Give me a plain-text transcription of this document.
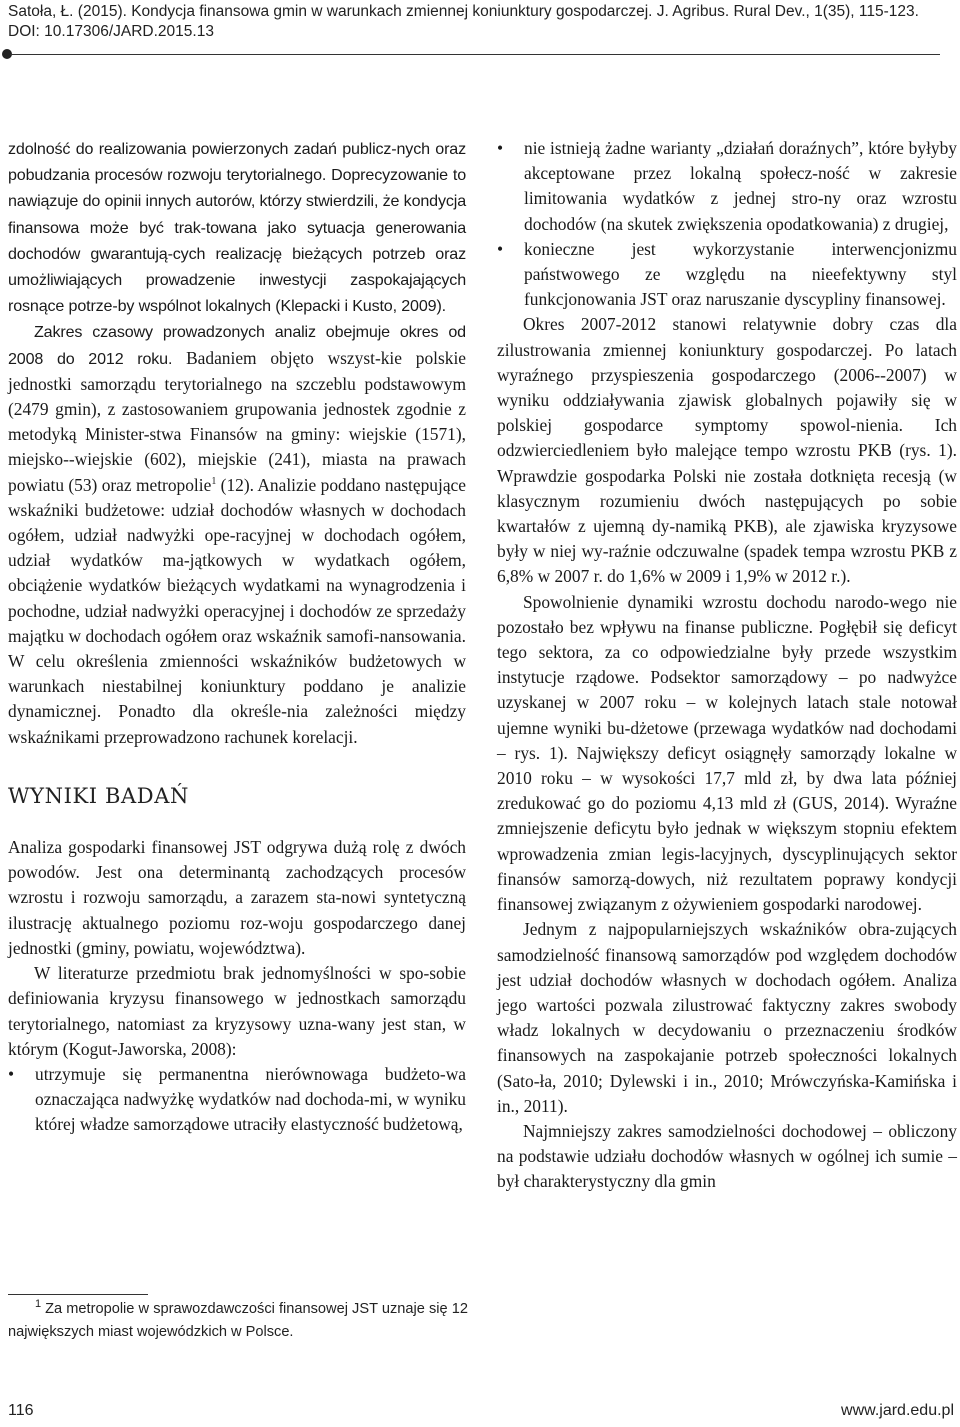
Satoła, Ł. (2015). Kondycja finansowa gmin w warunkach zmiennej koniunktury gospodarczej. J. Agribus. Rural Dev., 1(35), 115-123.
DOI: 10.17306/JARD.2015.13

zdolność do realizowania powierzonych zadań publicz-nych oraz pobudzania procesów rozwoju terytorialnego. Doprecyzowanie to nawiązuje do opinii innych autorów, którzy stwierdzili, że kondycja finansowa może być trak-towana jako sytuacja generowania dochodów gwarantują-cych realizację bieżących potrzeb oraz umożliwiających prowadzenie inwestycji zaspokajających rosnące potrze-by wspólnot lokalnych (Klepacki i Kusto, 2009).

Zakres czasowy prowadzonych analiz obejmuje okres od 2008 do 2012 roku. Badaniem objęto wszyst-kie polskie jednostki samorządu terytorialnego na szczeblu podstawowym (2479 gmin), z zastosowaniem grupowania jednostek zgodnie z metodyką Minister-stwa Finansów na gminy: wiejskie (1571), miejsko--wiejskie (602), miejskie (241), miasta na prawach powiatu (53) oraz metropolie$^1$ (12). Analizie poddano następujące wskaźniki budżetowe: udział dochodów własnych w dochodach ogółem, udział nadwyżki ope-racyjnej w dochodach ogółem, udział wydatków ma-jątkowych w wydatkach ogółem, obciążenie wydatków bieżących wydatkami na wynagrodzenia i pochodne, udział nadwyżki operacyjnej i dochodów ze sprzedaży majątku w dochodach ogółem oraz wskaźnik samofi-nansowania. W celu określenia zmienności wskaźników budżetowych w warunkach niestabilnej koniunktury poddano je analizie dynamicznej. Ponadto dla określe-nia zależności między wskaźnikami przeprowadzono rachunek korelacji.

WYNIKI BADAŃ

Analiza gospodarki finansowej JST odgrywa dużą rolę z dwóch powodów. Jest ona determinantą zachodzących procesów wzrostu i rozwoju samorządu, a zarazem sta-nowi syntetyczną ilustrację aktualnego poziomu roz-woju gospodarczego danej jednostki (gminy, powiatu, województwa).

W literaturze przedmiotu brak jednomyślności w spo-sobie definiowania kryzysu finansowego w jednostkach samorządu terytorialnego, natomiast za kryzysowy uzna-wany jest stan, w którym (Kogut-Jaworska, 2008):

• utrzymuje się permanentna nierównowaga budżeto-wa oznaczająca nadwyżkę wydatków nad dochoda-mi, w wyniku której władze samorządowe utraciły elastyczność budżetową,
$^1$ Za metropolie w sprawozdawczości finansowej JST uznaje się 12 największych miast wojewódzkich w Polsce.
• nie istnieją żadne warianty „działań doraźnych”, które byłyby akceptowane przez lokalną społecz-ność w zakresie limitowania wydatków z jednej stro-ny oraz wzrostu dochodów (na skutek zwiększenia opodatkowania) z drugiej,
• konieczne jest wykorzystanie interwencjonizmu państwowego ze względu na nieefektywny styl funkcjonowania JST oraz naruszanie dyscypliny finansowej.

Okres 2007-2012 stanowi relatywnie dobry czas dla zilustrowania zmiennej koniunktury gospodarczej. Po latach wyraźnego przyspieszenia gospodarczego (2006--2007) w wyniku oddziaływania zjawisk globalnych pojawiły się w polskiej gospodarce symptomy spowol-nienia. Ich odzwierciedleniem było malejące tempo wzrostu PKB (rys. 1). Wprawdzie gospodarka Polski nie została dotknięta recesją (w klasycznym rozumieniu dwóch następujących po sobie kwartałów z ujemną dy-namiką PKB), ale zjawiska kryzysowe były w niej wy-raźnie odczuwalne (spadek tempa wzrostu PKB z 6,8% w 2007 r. do 1,6% w 2009 i 1,9% w 2012 r.).

Spowolnienie dynamiki wzrostu dochodu narodo-wego nie pozostało bez wpływu na finanse publiczne. Pogłębił się deficyt tego sektora, za co odpowiedzialne były przede wszystkim instytucje rządowe. Podsektor samorządowy – po nadwyżce uzyskanej w 2007 roku – w kolejnych latach stale notował ujemne wyniki bu-dżetowe (przewaga wydatków nad dochodami – rys. 1). Największy deficyt osiągnęły samorządy lokalne w 2010 roku – w wysokości 17,7 mld zł, by dwa lata później zredukować go do poziomu 4,13 mld zł (GUS, 2014). Wyraźne zmniejszenie deficytu było jednak w większym stopniu efektem wprowadzenia zmian legis-lacyjnych, dyscyplinujących sektor finansów samorzą-dowych, niż rezultatem poprawy kondycji finansowej związanym z ożywieniem gospodarki narodowej.

Jednym z najpopularniejszych wskaźników obra-zujących samodzielność finansową samorządów pod względem dochodów jest udział dochodów własnych w dochodach ogółem. Analiza jego wartości pozwala zilustrować faktyczny zakres swobody władz lokalnych w decydowaniu o przeznaczeniu środków finansowych na zaspokajanie potrzeb społeczności lokalnych (Sato-ła, 2010; Dylewski i in., 2010; Mrówczyńska-Kamińska i in., 2011).

Najmniejszy zakres samodzielności dochodowej – obliczony na podstawie udziału dochodów własnych w ogólnej ich sumie – był charakterystyczny dla gmin

116	www.jard.edu.pl
